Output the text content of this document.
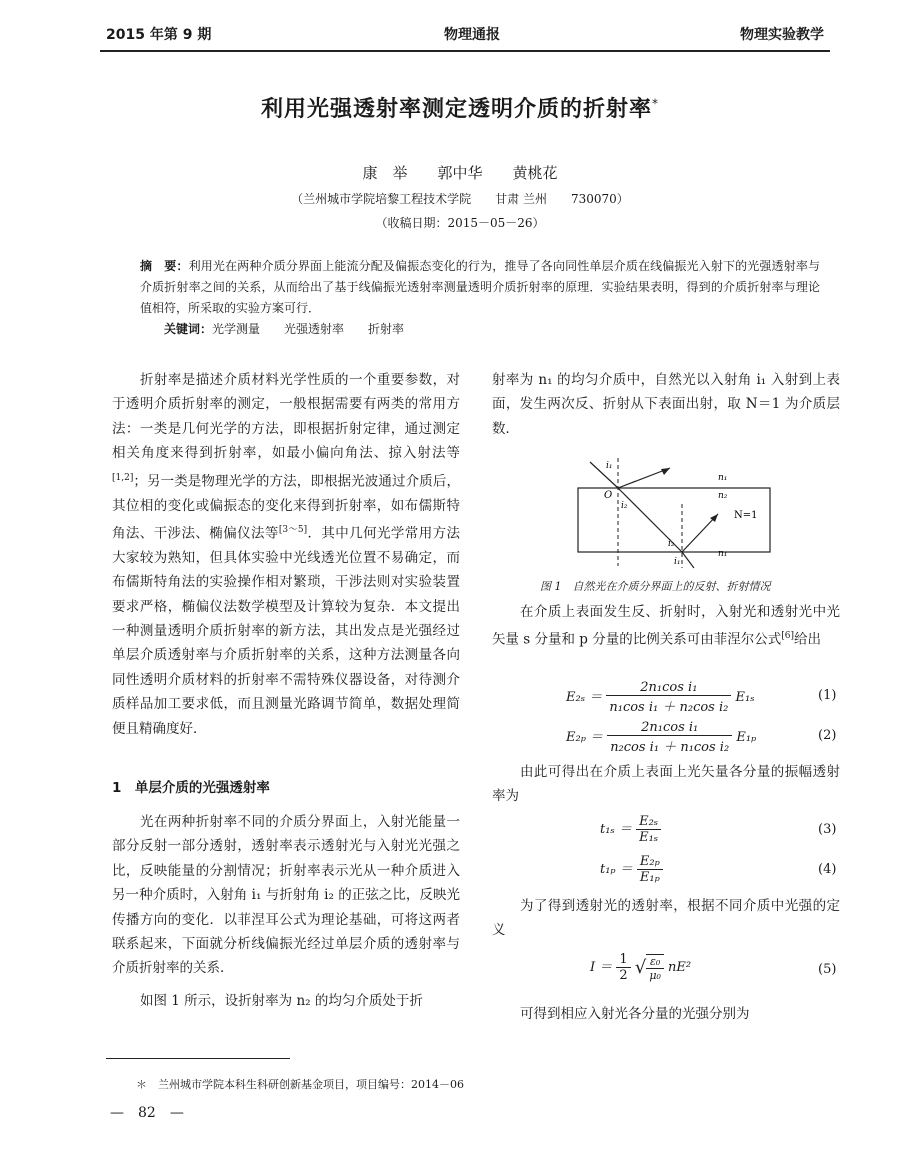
2015 年第 9 期	物理通报	物理实验教学
利用光强透射率测定透明介质的折射率*
康　举　　郭中华　　黄桃花
（兰州城市学院培黎工程技术学院　　甘肃 兰州　　730070）
（收稿日期：2015－05－26）
摘　要：利用光在两种介质分界面上能流分配及偏振态变化的行为，推导了各向同性单层介质在线偏振光入射下的光强透射率与介质折射率之间的关系，从而给出了基于线偏振光透射率测量透明介质折射率的原理．实验结果表明，得到的介质折射率与理论值相符，所采取的实验方案可行．
关键词：光学测量　　光强透射率　　折射率

折射率是描述介质材料光学性质的一个重要参数，对于透明介质折射率的测定，一般根据需要有两类的常用方法：一类是几何光学的方法，即根据折射定律，通过测定相关角度来得到折射率，如最小偏向角法、掠入射法等[1,2]；另一类是物理光学的方法，即根据光波通过介质后，其位相的变化或偏振态的变化来得到折射率，如布儒斯特角法、干涉法、椭偏仪法等[3～5]．其中几何光学常用方法大家较为熟知，但具体实验中光线透光位置不易确定，而布儒斯特角法的实验操作相对繁琐，干涉法则对实验装置要求严格，椭偏仪法数学模型及计算较为复杂．本文提出一种测量透明介质折射率的新方法，其出发点是光强经过单层介质透射率与介质折射率的关系，这种方法测量各向同性透明介质材料的折射率不需特殊仪器设备，对待测介质样品加工要求低，而且测量光路调节简单，数据处理简便且精确度好．

1　单层介质的光强透射率

光在两种折射率不同的介质分界面上，入射光能量一部分反射一部分透射，透射率表示透射光与入射光光强之比，反映能量的分割情况；折射率表示光从一种介质进入另一种介质时，入射角 i₁ 与折射角 i₂ 的正弦之比，反映光传播方向的变化．以菲涅耳公式为理论基础，可将这两者联系起来，下面就分析线偏振光经过单层介质的透射率与介质折射率的关系．

如图 1 所示，设折射率为 n₂ 的均匀介质处于折

射率为 n₁ 的均匀介质中，自然光以入射角 i₁ 入射到上表面，发生两次反、折射从下表面出射，取 N＝1 为介质层数．

i₁
O
i₂
n₁
n₂
N=1
i₂
i₁
n₁
图 1　自然光在介质分界面上的反射、折射情况

在介质上表面发生反、折射时，入射光和透射光中光矢量 s 分量和 p 分量的比例关系可由菲涅尔公式[6]给出

$E_{2s} = \frac{\text{2n₁cos i₁}}{\text{n₁cos i₁ ＋ n₂cos i₂}} E_{1s}$	(1)
$E_{2p} = \frac{\text{2n₁cos i₁}}{\text{n₂cos i₁ ＋ n₁cos i₂}} E_{1p}$	(2)

由此可得出在介质上表面上光矢量各分量的振幅透射率为

$t_{1s} = \frac{\text{E₂ₛ}}{\text{E₁ₛ}}$	(3)
$t_{1p} = \frac{\text{E₂ₚ}}{\text{E₁ₚ}}$	(4)

为了得到透射光的透射率，根据不同介质中光强的定义

$I = \frac{1}{2}$ √ $\frac{\text{ε₀}}{\text{μ₀}} nE^2$	(5)

可得到相应入射光各分量的光强分别为

＊　兰州城市学院本科生科研创新基金项目，项目编号：2014－06
—　82　—
